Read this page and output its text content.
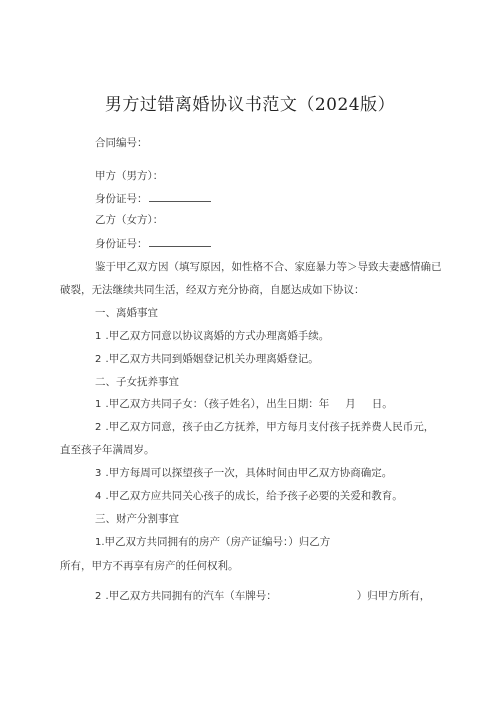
男方过错离婚协议书范文（2024版）
合同编号：
甲方（男方）：
身份证号：
乙方（女方）：
身份证号：
鉴于甲乙双方因（填写原因，如性格不合、家庭暴力等＞导致夫妻感情确已
破裂，无法继续共同生活，经双方充分协商，自愿达成如下协议：
一、离婚事宜
1 .甲乙双方同意以协议离婚的方式办理离婚手续。
2 .甲乙双方共同到婚姻登记机关办理离婚登记。
二、子女抚养事宜
1 .甲乙双方共同子女：（孩子姓名），出生日期：年 月 日。
2 .甲乙双方同意，孩子由乙方抚养，甲方每月支付孩子抚养费人民币元，
直至孩子年满周岁。
3 .甲方每周可以探望孩子一次，具体时间由甲乙双方协商确定。
4 .甲乙双方应共同关心孩子的成长，给予孩子必要的关爱和教育。
三、财产分割事宜
1.甲乙双方共同拥有的房产（房产证编号：）归乙方
所有，甲方不再享有房产的任何权利。
2 .甲乙双方共同拥有的汽车（车牌号：	）归甲方所有，
